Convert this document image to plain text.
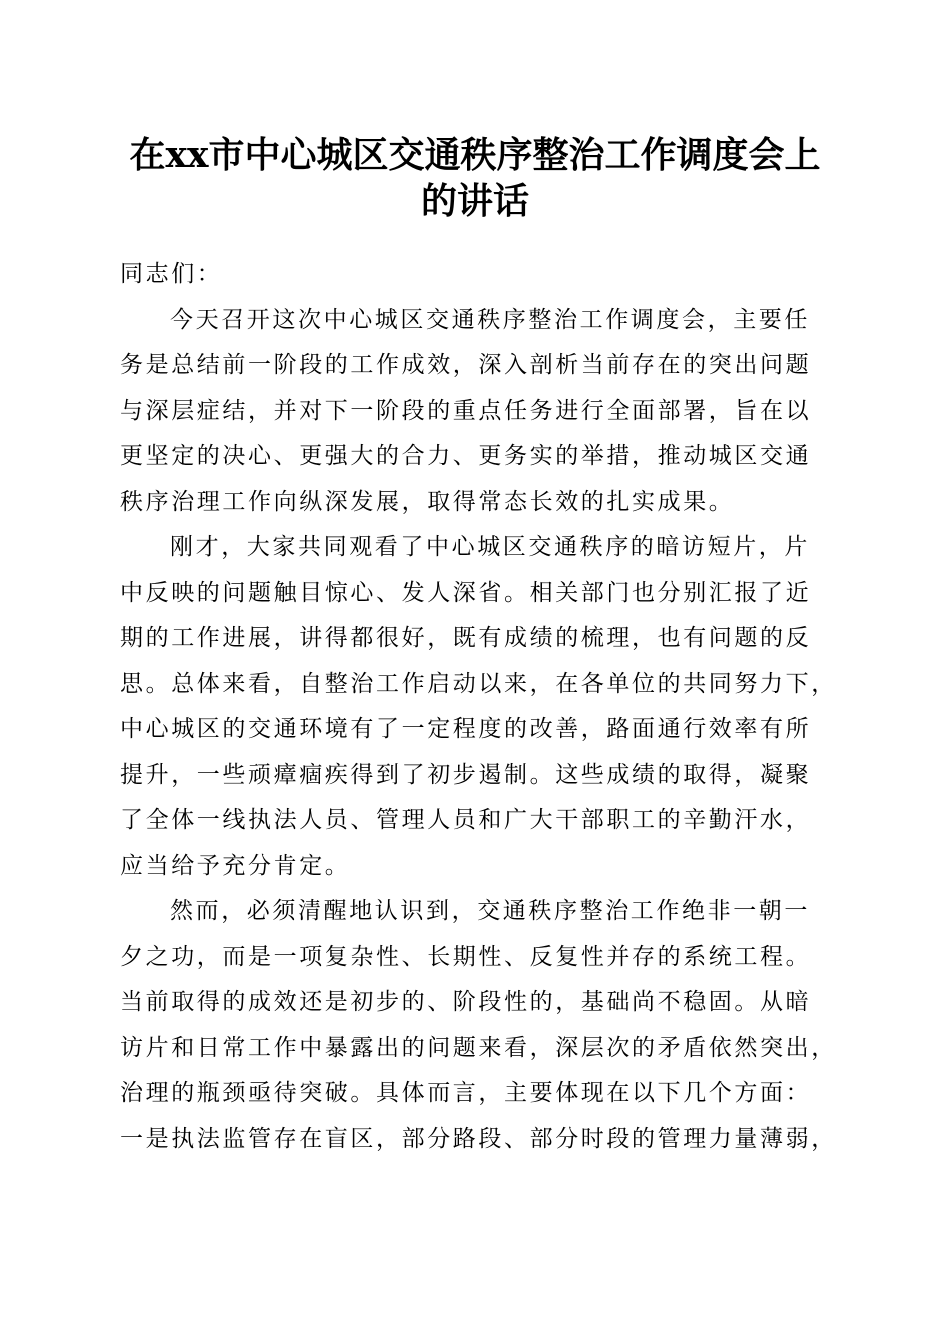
在xx市中心城区交通秩序整治工作调度会上
的讲话
同志们：
今天召开这次中心城区交通秩序整治工作调度会，主要任
务是总结前一阶段的工作成效，深入剖析当前存在的突出问题
与深层症结，并对下一阶段的重点任务进行全面部署，旨在以
更坚定的决心、更强大的合力、更务实的举措，推动城区交通
秩序治理工作向纵深发展，取得常态长效的扎实成果。
刚才，大家共同观看了中心城区交通秩序的暗访短片，片
中反映的问题触目惊心、发人深省。相关部门也分别汇报了近
期的工作进展，讲得都很好，既有成绩的梳理，也有问题的反
思。总体来看，自整治工作启动以来，在各单位的共同努力下，
中心城区的交通环境有了一定程度的改善，路面通行效率有所
提升，一些顽瘴痼疾得到了初步遏制。这些成绩的取得，凝聚
了全体一线执法人员、管理人员和广大干部职工的辛勤汗水，
应当给予充分肯定。
然而，必须清醒地认识到，交通秩序整治工作绝非一朝一
夕之功，而是一项复杂性、长期性、反复性并存的系统工程。
当前取得的成效还是初步的、阶段性的，基础尚不稳固。从暗
访片和日常工作中暴露出的问题来看，深层次的矛盾依然突出，
治理的瓶颈亟待突破。具体而言，主要体现在以下几个方面：
一是执法监管存在盲区，部分路段、部分时段的管理力量薄弱，
